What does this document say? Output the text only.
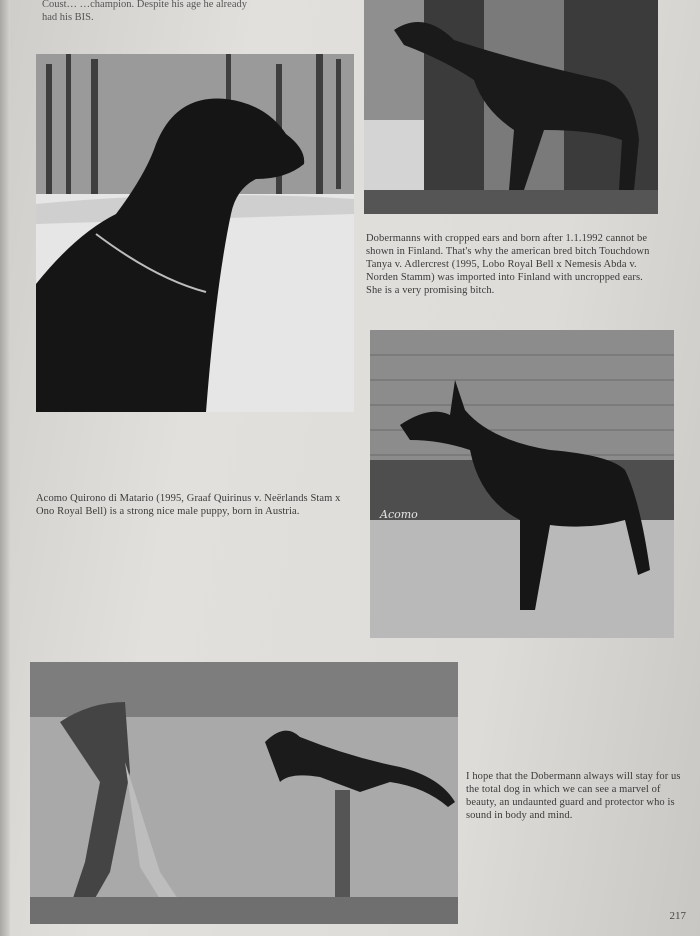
Coust… …champion. Despite his age he already
had his BIS.
Dobermanns with cropped ears and born after 1.1.1992 cannot be shown in Finland. That's why the american bred bitch Touchdown Tanya v. Adlercrest (1995, Lobo Royal Bell x Nemesis Abda v. Norden Stamm) was imported into Finland with uncropped ears. She is a very promising bitch.
Acomo
Acomo Quirono di Matario (1995, Graaf Quirinus v. Neërlands Stam x Ono Royal Bell) is a strong nice male puppy, born in Austria.
I hope that the Dobermann always will stay for us the total dog in which we can see a marvel of beauty, an undaunted guard and protector who is sound in body and mind.
217
